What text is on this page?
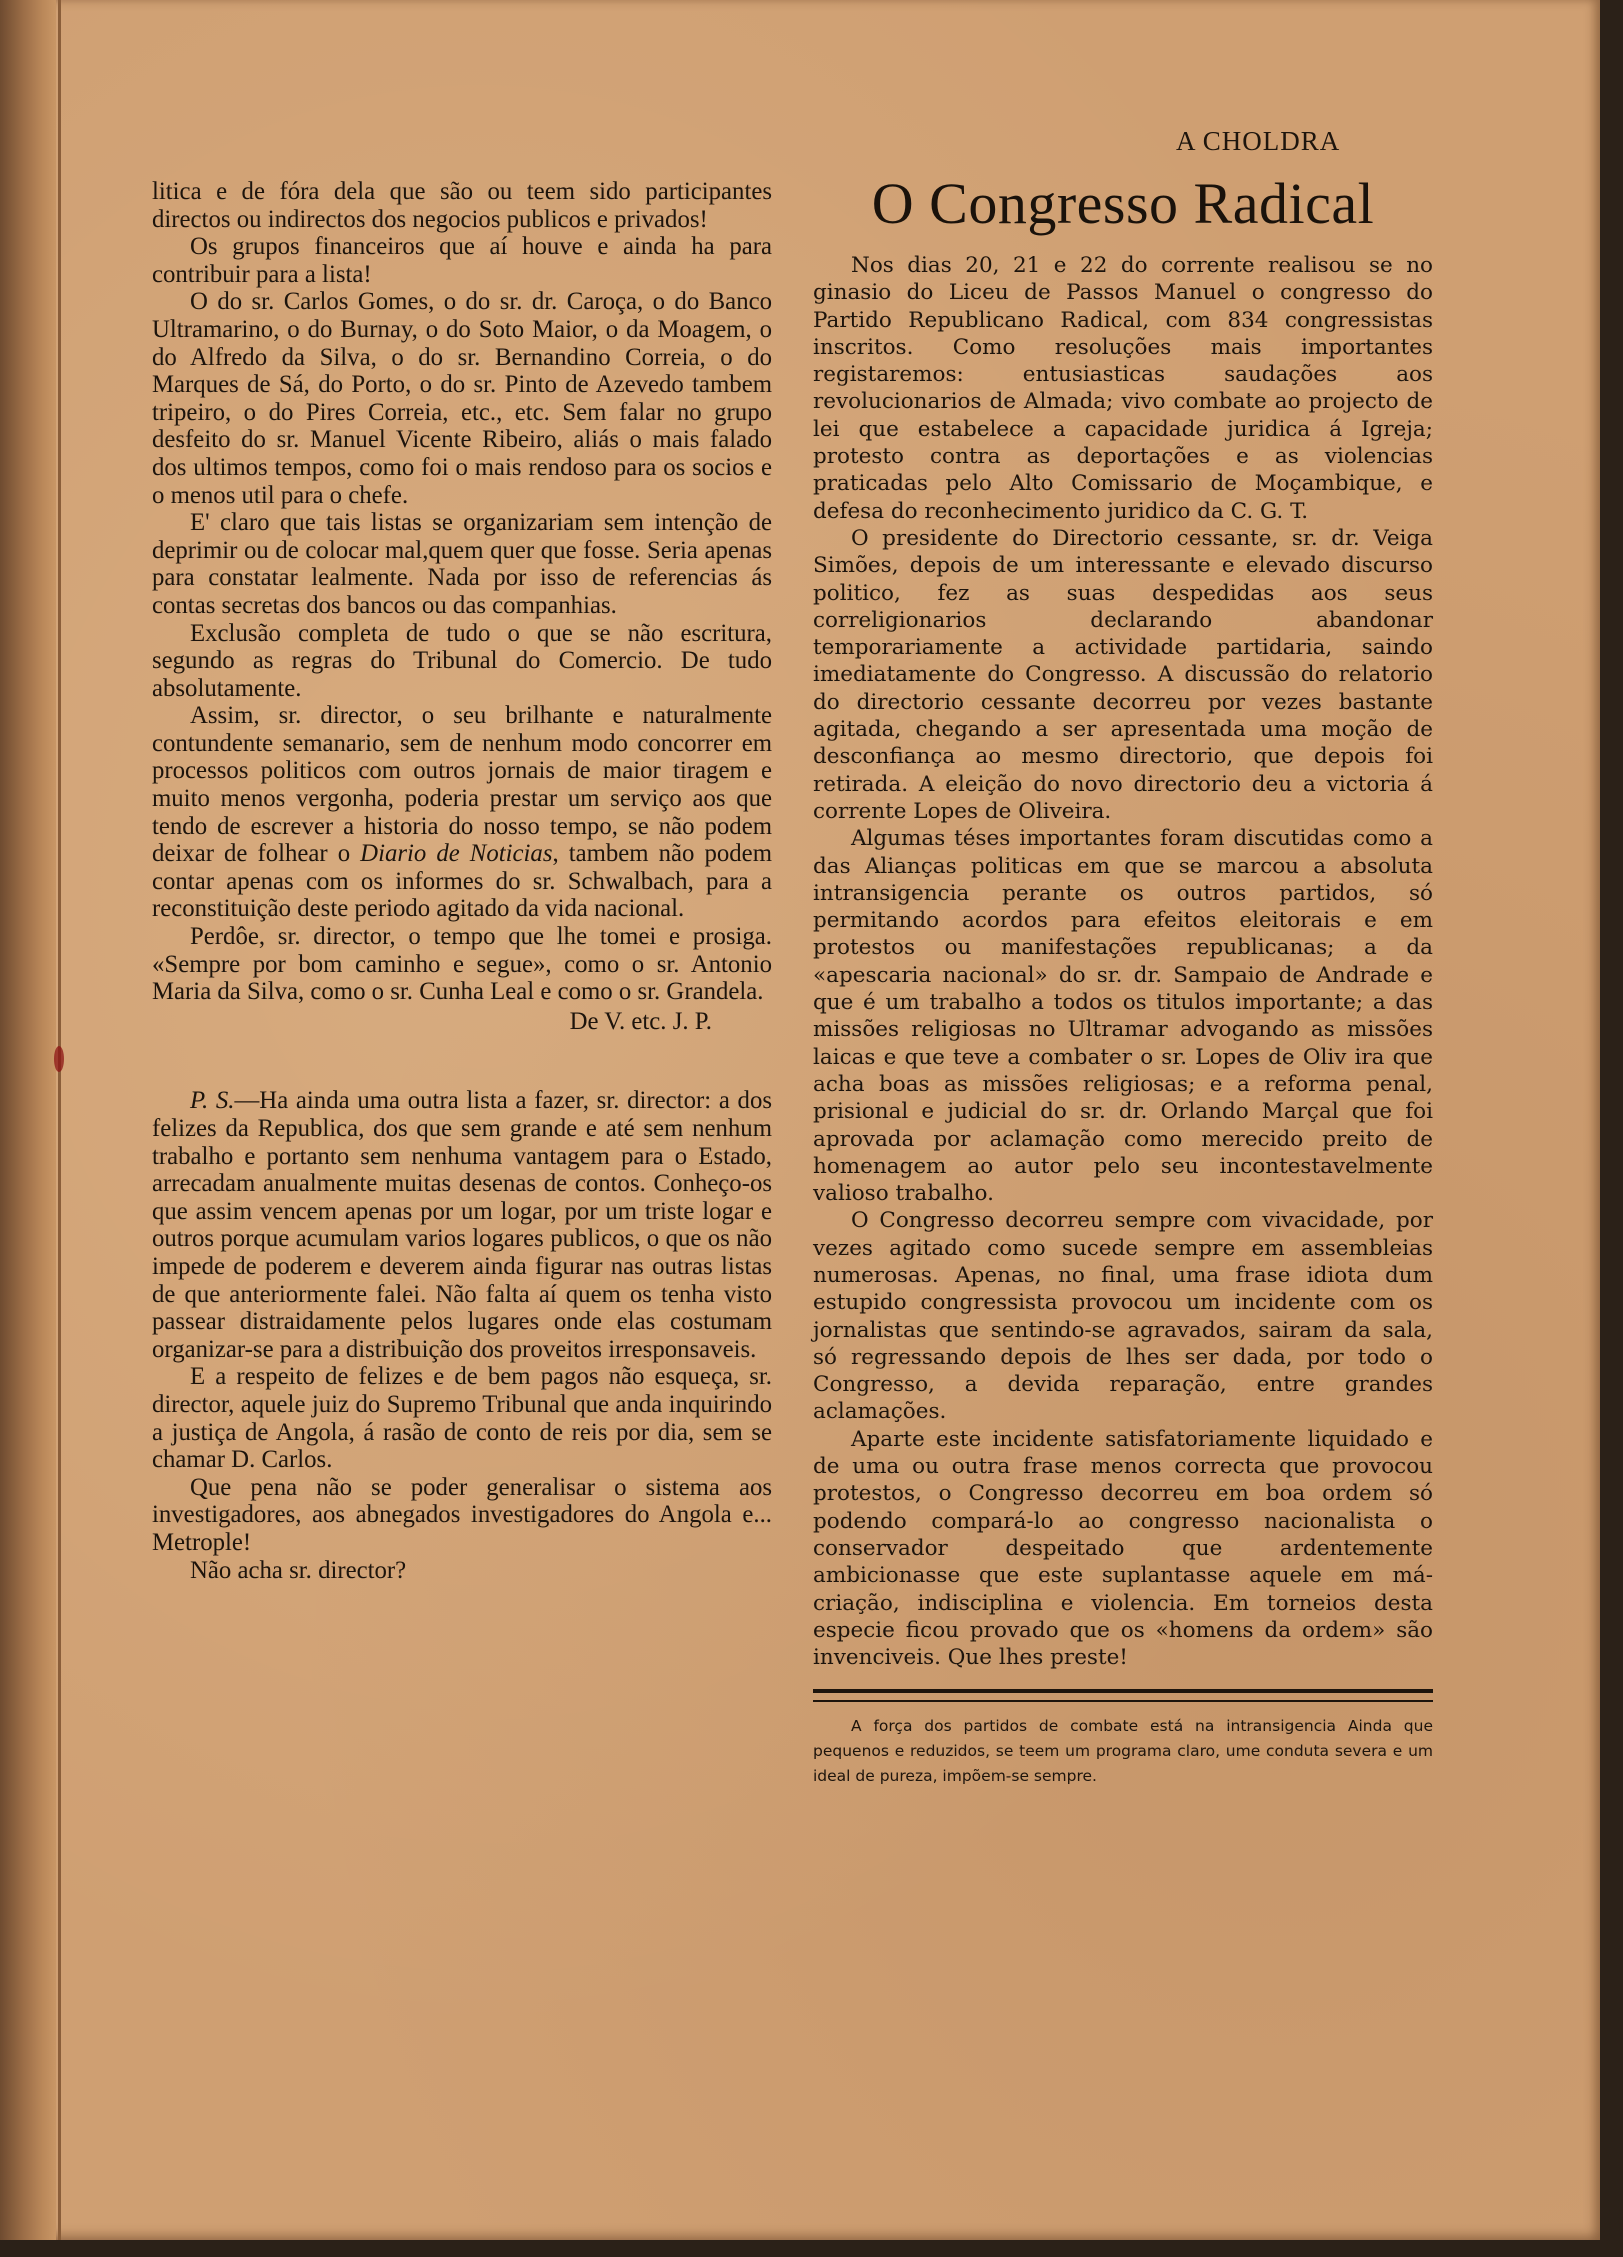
A CHOLDRA

litica e de fóra dela que são ou teem sido participantes directos ou indirectos dos negocios publicos e privados!

Os grupos financeiros que aí houve e ainda ha para contribuir para a lista!

O do sr. Carlos Gomes, o do sr. dr. Caroça, o do Banco Ultramarino, o do Burnay, o do Soto Maior, o da Moagem, o do Alfredo da Silva, o do sr. Bernandino Correia, o do Marques de Sá, do Porto, o do sr. Pinto de Azevedo tambem tripeiro, o do Pires Correia, etc., etc. Sem falar no grupo desfeito do sr. Manuel Vicente Ribeiro, aliás o mais falado dos ultimos tempos, como foi o mais rendoso para os socios e o menos util para o chefe.

E' claro que tais listas se organizariam sem intenção de deprimir ou de colocar mal,quem quer que fosse. Seria apenas para constatar lealmente. Nada por isso de referencias ás contas secretas dos bancos ou das companhias.

Exclusão completa de tudo o que se não escritura, segundo as regras do Tribunal do Comercio. De tudo absolutamente.

Assim, sr. director, o seu brilhante e naturalmente contundente semanario, sem de nenhum modo concorrer em processos politicos com outros jornais de maior tiragem e muito menos vergonha, poderia prestar um serviço aos que tendo de escrever a historia do nosso tempo, se não podem deixar de folhear o Diario de Noticias, tambem não podem contar apenas com os informes do sr. Schwalbach, para a reconstituição deste periodo agitado da vida nacional.

Perdôe, sr. director, o tempo que lhe tomei e prosiga. «Sempre por bom caminho e segue», como o sr. Antonio Maria da Silva, como o sr. Cunha Leal e como o sr. Grandela.

De V. etc. J. P.

P. S.—Ha ainda uma outra lista a fazer, sr. director: a dos felizes da Republica, dos que sem grande e até sem nenhum trabalho e portanto sem nenhuma vantagem para o Estado, arrecadam anualmente muitas desenas de contos. Conheço-os que assim vencem apenas por um logar, por um triste logar e outros porque acumulam varios logares publicos, o que os não impede de poderem e deverem ainda figurar nas outras listas de que anteriormente falei. Não falta aí quem os tenha visto passear distraidamente pelos lugares onde elas costumam organizar-se para a distribuição dos proveitos irresponsaveis.

E a respeito de felizes e de bem pagos não esqueça, sr. director, aquele juiz do Supremo Tribunal que anda inquirindo a justiça de Angola, á rasão de conto de reis por dia, sem se chamar D. Carlos.

Que pena não se poder generalisar o sistema aos investigadores, aos abnegados investigadores do Angola e... Metrople!

Não acha sr. director?

O Congresso Radical

Nos dias 20, 21 e 22 do corrente realisou se no ginasio do Liceu de Passos Manuel o congresso do Partido Republicano Radical, com 834 congressistas inscritos. Como resoluções mais importantes registaremos: entusiasticas saudações aos revolucionarios de Almada; vivo combate ao projecto de lei que estabelece a capacidade juridica á Igreja; protesto contra as deportações e as violencias praticadas pelo Alto Comissario de Moçambique, e defesa do reconhecimento juridico da C. G. T.

O presidente do Directorio cessante, sr. dr. Veiga Simões, depois de um interessante e elevado discurso politico, fez as suas despedidas aos seus correligionarios declarando abandonar temporariamente a actividade partidaria, saindo imediatamente do Congresso. A discussão do relatorio do directorio cessante decorreu por vezes bastante agitada, chegando a ser apresentada uma moção de desconfiança ao mesmo directorio, que depois foi retirada. A eleição do novo directorio deu a victoria á corrente Lopes de Oliveira.

Algumas téses importantes foram discutidas como a das Alianças politicas em que se marcou a absoluta intransigencia perante os outros partidos, só permitando acordos para efeitos eleitorais e em protestos ou manifestações republicanas; a da «apescaria nacional» do sr. dr. Sampaio de Andrade e que é um trabalho a todos os titulos importante; a das missões religiosas no Ultramar advogando as missões laicas e que teve a combater o sr. Lopes de Oliv ira que acha boas as missões religiosas; e a reforma penal, prisional e judicial do sr. dr. Orlando Marçal que foi aprovada por aclamação como merecido preito de homenagem ao autor pelo seu incontestavelmente valioso trabalho.

O Congresso decorreu sempre com vivacidade, por vezes agitado como sucede sempre em assembleias numerosas. Apenas, no final, uma frase idiota dum estupido congressista provocou um incidente com os jornalistas que sentindo-se agravados, sairam da sala, só regressando depois de lhes ser dada, por todo o Congresso, a devida reparação, entre grandes aclamações.

Aparte este incidente satisfatoriamente liquidado e de uma ou outra frase menos correcta que provocou protestos, o Congresso decorreu em boa ordem só podendo compará-lo ao congresso nacionalista o conservador despeitado que ardentemente ambicionasse que este suplantasse aquele em má-criação, indisciplina e violencia. Em torneios desta especie ficou provado que os «homens da ordem» são invenciveis. Que lhes preste!

A força dos partidos de combate está na intransigencia Ainda que pequenos e reduzidos, se teem um programa claro, ume conduta severa e um ideal de pureza, impõem-se sempre.
